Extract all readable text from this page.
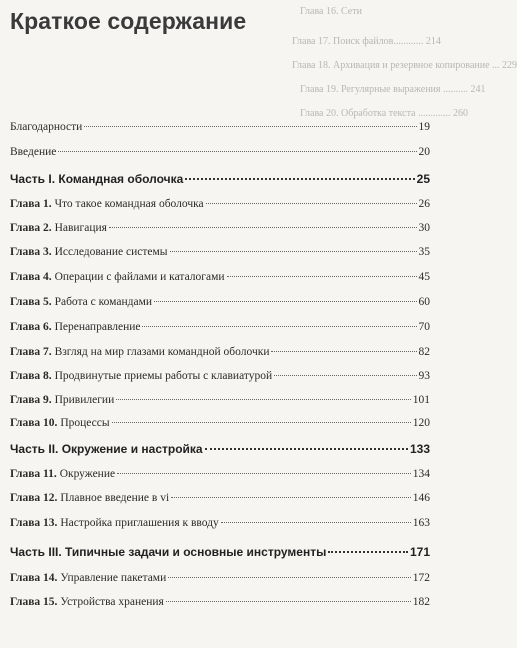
Глава 16. Сети
Глава 17. Поиск файлов............ 214
Глава 18. Архивация и резервное копирование ... 229
Глава 19. Регулярные выражения .......... 241
Глава 20. Обработка текста ............. 260
Краткое содержание
Благодарности	19
Введение	20
Часть I. Командная оболочка	25
Глава 1. Что такое командная оболочка	26
Глава 2. Навигация	30
Глава 3. Исследование системы	35
Глава 4. Операции с файлами и каталогами	45
Глава 5. Работа с командами	60
Глава 6. Перенаправление	70
Глава 7. Взгляд на мир глазами командной оболочки	82
Глава 8. Продвинутые приемы работы с клавиатурой	93
Глава 9. Привилегии	101
Глава 10. Процессы	120
Часть II. Окружение и настройка	133
Глава 11. Окружение	134
Глава 12. Плавное введение в vi	146
Глава 13. Настройка приглашения к вводу	163
Часть III. Типичные задачи и основные инструменты	171
Глава 14. Управление пакетами	172
Глава 15. Устройства хранения	182
